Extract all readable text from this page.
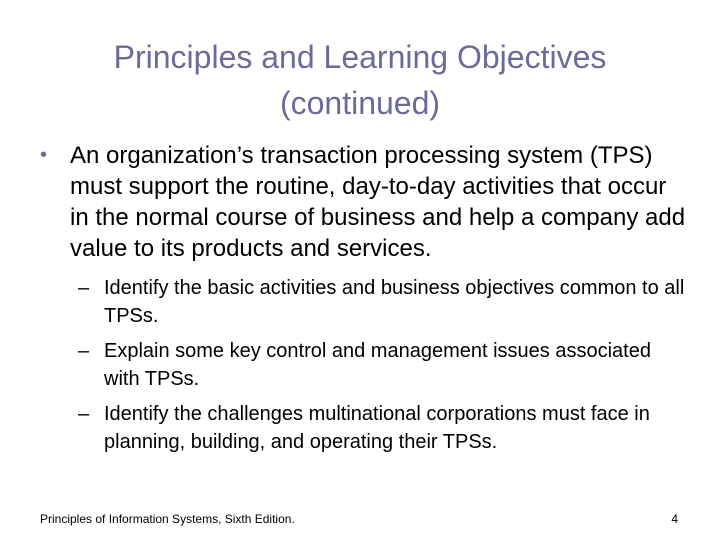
Principles and Learning Objectives
(continued)
• An organization’s transaction processing system (TPS) must support the routine, day-to-day activities that occur in the normal course of business and help a company add value to its products and services.
– Identify the basic activities and business objectives common to all TPSs.
– Explain some key control and management issues associated with TPSs.
– Identify the challenges multinational corporations must face in planning, building, and operating their TPSs.
Principles of Information Systems, Sixth Edition.	4
